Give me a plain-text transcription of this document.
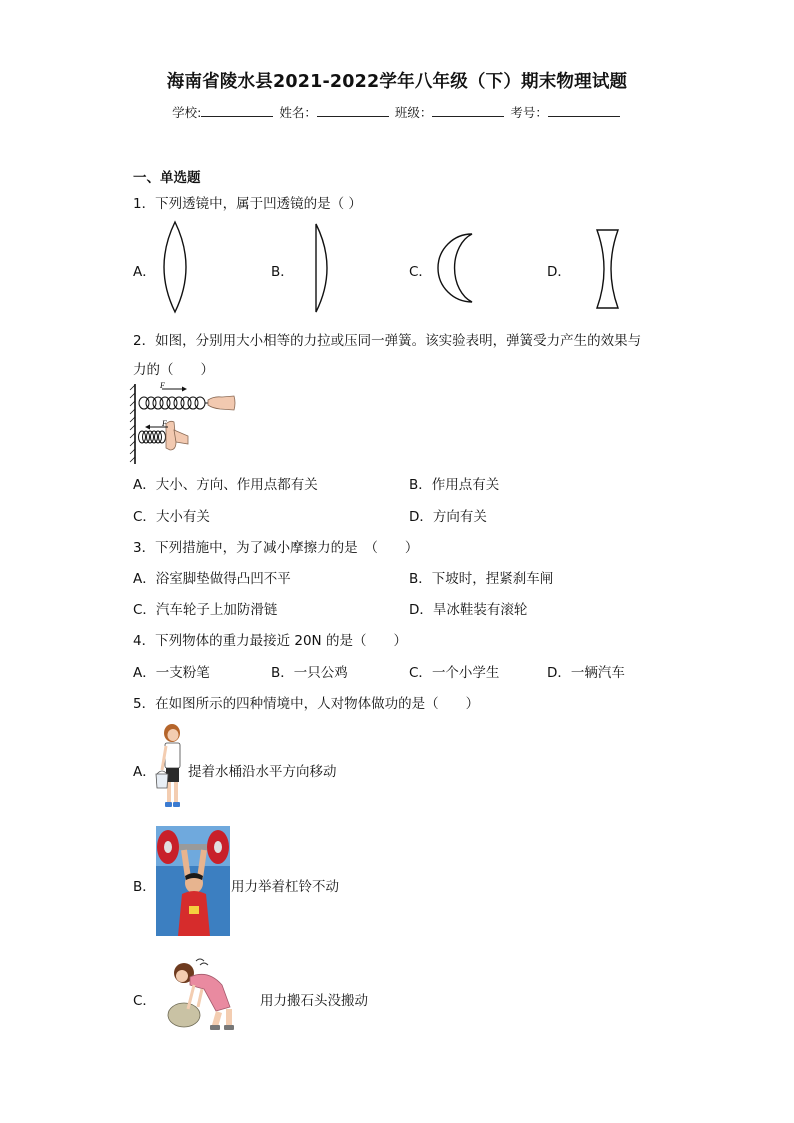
海南省陵水县2021-2022学年八年级（下）期末物理试题
学校:	姓名：	班级：	考号：
一、单选题
1．下列透镜中，属于凹透镜的是（ ）
A．	B．	C．	D．
2．如图，分别用大小相等的力拉或压同一弹簧。该实验表明，弹簧受力产生的效果与
力的（　　）
F
F
A．大小、方向、作用点都有关	B．作用点有关
C．大小有关	D．方向有关
3．下列措施中，为了减小摩擦力的是　（　　）
A．浴室脚垫做得凸凹不平	B．下坡时，捏紧刹车闸
C．汽车轮子上加防滑链	D．旱冰鞋装有滚轮
4．下列物体的重力最接近 20N 的是（　　）
A．一支粉笔	B．一只公鸡	C．一个小学生	D．一辆汽车
5．在如图所示的四种情境中，人对物体做功的是（　　）
A． 提着水桶沿水平方向移动
B．	用力举着杠铃不动
C．	用力搬石头没搬动
